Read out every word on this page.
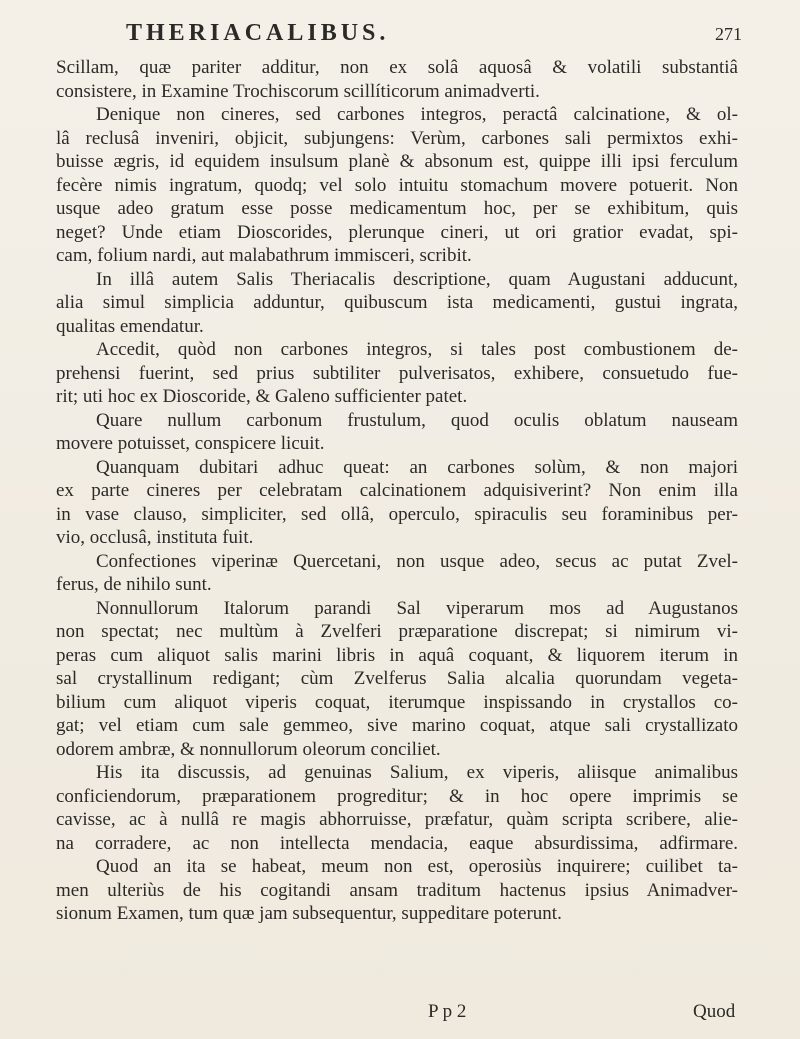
THERIACALIBUS.	271
Scillam, quæ pariter additur, non ex solâ aquosâ & volatili substantiâ
consistere, in Examine Trochiscorum scillíticorum animadverti.
Denique non cineres, sed carbones integros, peractâ calcinatione, & ol-
lâ reclusâ inveniri, objicit, subjungens: Verùm, carbones sali permixtos exhi-
buisse ægris, id equidem insulsum planè & absonum est, quippe illi ipsi ferculum
fecère nimis ingratum, quodq; vel solo intuitu stomachum movere potuerit. Non
usque adeo gratum esse posse medicamentum hoc, per se exhibitum, quis
neget? Unde etiam Dioscorides, plerunque cineri, ut ori gratior evadat, spi-
cam, folium nardi, aut malabathrum immisceri, scribit.
In illâ autem Salis Theriacalis descriptione, quam Augustani adducunt,
alia simul simplicia adduntur, quibuscum ista medicamenti, gustui ingrata,
qualitas emendatur.
Accedit, quòd non carbones integros, si tales post combustionem de-
prehensi fuerint, sed prius subtiliter pulverisatos, exhibere, consuetudo fue-
rit; uti hoc ex Dioscoride, & Galeno sufficienter patet.
Quare nullum carbonum frustulum, quod oculis oblatum nauseam
movere potuisset, conspicere licuit.
Quanquam dubitari adhuc queat: an carbones solùm, & non majori
ex parte cineres per celebratam calcinationem adquisiverint? Non enim illa
in vase clauso, simpliciter, sed ollâ, operculo, spiraculis seu foraminibus per-
vio, occlusâ, instituta fuit.
Confectiones viperinæ Quercetani, non usque adeo, secus ac putat Zvel-
ferus, de nihilo sunt.
Nonnullorum Italorum parandi Sal viperarum mos ad Augustanos
non spectat; nec multùm à Zvelferi præparatione discrepat; si nimirum vi-
peras cum aliquot salis marini libris in aquâ coquant, & liquorem iterum in
sal crystallinum redigant; cùm Zvelferus Salia alcalia quorundam vegeta-
bilium cum aliquot viperis coquat, iterumque inspissando in crystallos co-
gat; vel etiam cum sale gemmeo, sive marino coquat, atque sali crystallizato
odorem ambræ, & nonnullorum oleorum conciliet.
His ita discussis, ad genuinas Salium, ex viperis, aliisque animalibus
conficiendorum, præparationem progreditur; & in hoc opere imprimis se
cavisse, ac à nullâ re magis abhorruisse, præfatur, quàm scripta scribere, alie-
na corradere, ac non intellecta mendacia, eaque absurdissima, adfirmare.
Quod an ita se habeat, meum non est, operosiùs inquirere; cuilibet ta-
men ulteriùs de his cogitandi ansam traditum hactenus ipsius Animadver-
sionum Examen, tum quæ jam subsequentur, suppeditare poterunt.
P p 2	Quod
